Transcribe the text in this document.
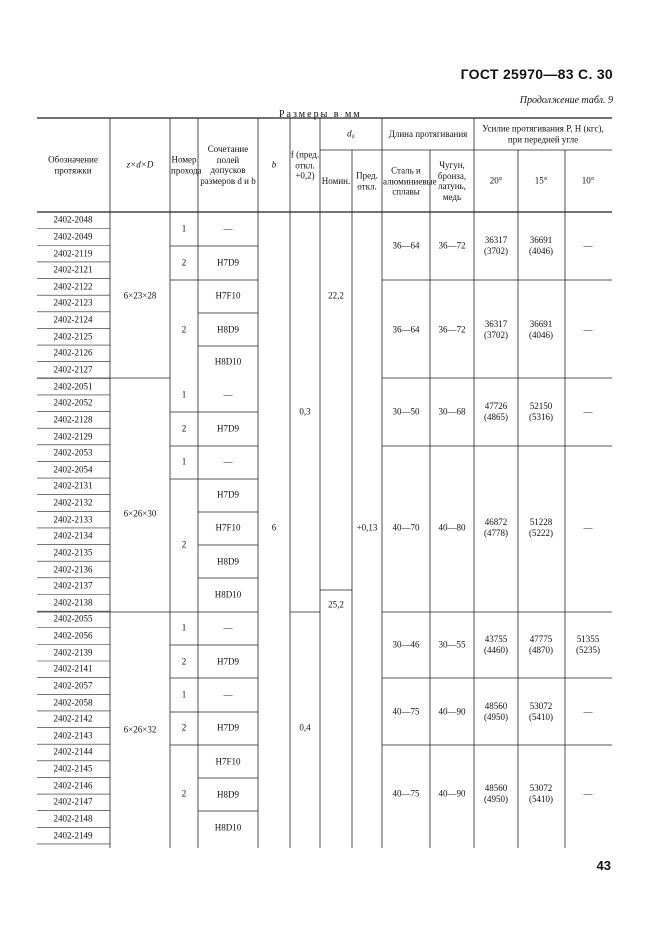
ГОСТ 25970—83 С. 30
Продолжение табл. 9
Размеры в мм
Обозначение протяжки
z×d×D Номер прохода
Сочетание полей допусков размеров d и b
b
f (пред. откл. +0,2)
d₀
Номин.
Пред. откл.
Длина протягивания
Сталь и алюминиевые сплавы
Чугун, бронза, латунь, медь
Усилие протягивания P, Н (кгс), при передней угле
20°	15°	10°
2402-2048
2402-2049
2402-2119
2402-2121
2402-2122
2402-2123
2402-2124
2402-2125
2402-2126
2402-2127
2402-2051
2402-2052
2402-2128
2402-2129
2402-2053
2402-2054
2402-2131
2402-2132
2402-2133
2402-2134
2402-2135
2402-2136
2402-2137
2402-2138
2402-2055
2402-2056
2402-2139
2402-2141
2402-2057
2402-2058
2402-2142
2402-2143
2402-2144
2402-2145
2402-2146
2402-2147
2402-2148
2402-2149
6×23×28
6×26×30
6×26×32
1
2
2
1
2
1
2
1
2
1
2
2
—
H7D9
H7F10
H8D9
H8D10
—
H7D9
—
H7D9
H7F10
H8D9
H8D10
—
H7D9
—
H7D9
H7F10
H8D9
H8D10
6
0,3
0,4
22,2
25,2
+0,13
36—64 36—72
36317
(3702)
36691
(4046)
—
36—64 36—72
36317
(3702)
36691
(4046)
—
30—50 30—68
47726
(4865)
52150
(5316)
—
40—70 40—80
46872
(4778)
51228
(5222)
—
30—46 30—55
43755
(4460)
47775
(4870)
51355
(5235)
40—75 40—90
48560
(4950)
53072
(5410)
—
40—75 40—90
48560
(4950)
53072
(5410)
—
43
